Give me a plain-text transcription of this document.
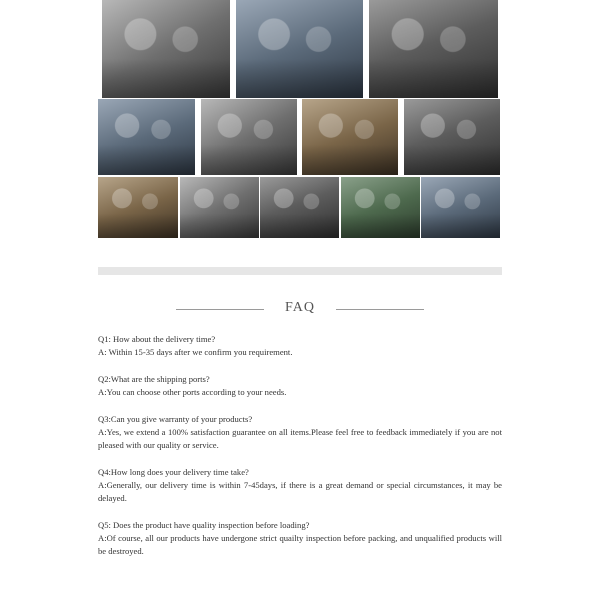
FAQ

Q1: How about the delivery time?

A: Within 15-35 days after we confirm you requirement.

Q2:What are the shipping ports?

A:You can choose other ports according to your needs.

Q3:Can you give warranty of your products?

A:Yes, we extend a 100% satisfaction guarantee on all items.Please feel free to feedback immediately if you are not pleased with our quality or service.

Q4:How long does your delivery time take?

A:Generally, our delivery time is within 7-45days, if there is a great demand or special circumstances, it may be delayed.

Q5: Does the product have quality inspection before loading?

A:Of course, all our products have undergone strict quailty inspection before packing, and unqualified products will be destroyed.
